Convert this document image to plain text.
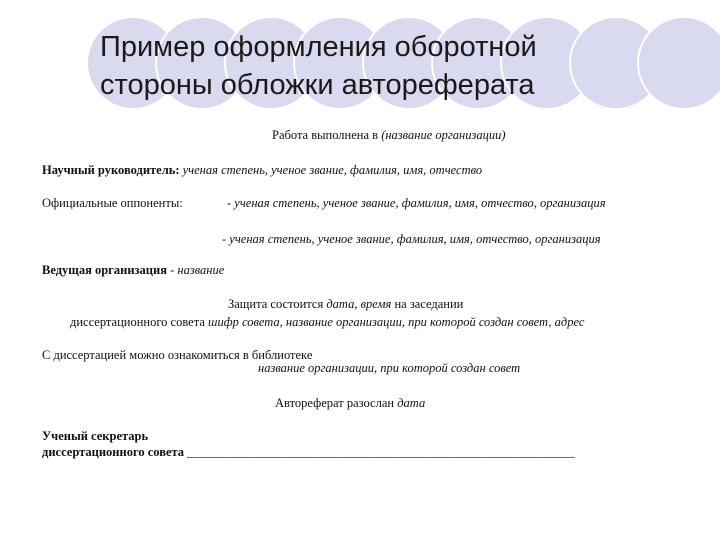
Пример оформления оборотной
стороны обложки автореферата
Работа выполнена в (название организации)
Научный руководитель: ученая степень, ученое звание, фамилия, имя, отчество
Официальные оппоненты:	- ученая степень, ученое звание, фамилия, имя, отчество, организация
- ученая степень, ученое звание, фамилия, имя, отчество, организация
Ведущая организация - название
Защита состоится дата, время на заседании
диссертационного совета шифр совета, название организации, при которой создан совет, адрес
С диссертацией можно ознакомиться в библиотеке
название организации, при которой создан совет
Автореферат разослан дата
Ученый секретарь
диссертационного совета ______________________________________________________________
